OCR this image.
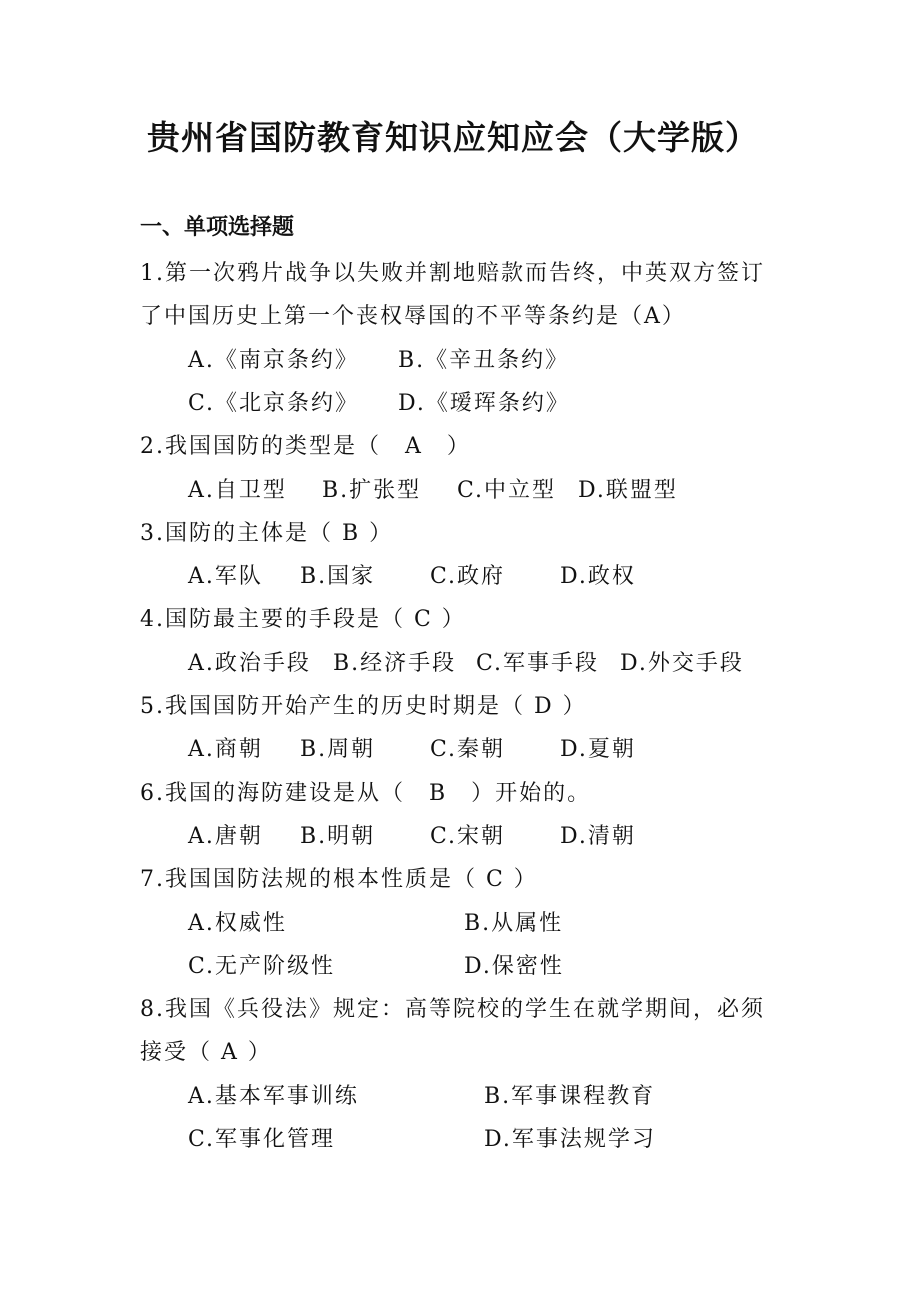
贵州省国防教育知识应知应会（大学版）
一、单项选择题
1.第一次鸦片战争以失败并割地赔款而告终，中英双方签订
了中国历史上第一个丧权辱国的不平等条约是（A）
A.《南京条约》 B.《辛丑条约》
C.《北京条约》 D.《瑷珲条约》
2.我国国防的类型是（　A　）
A.自卫型 B.扩张型 C.中立型 D.联盟型
3.国防的主体是（ B ）
A.军队 B.国家 C.政府 D.政权
4.国防最主要的手段是（ C ）
A.政治手段 B.经济手段 C.军事手段 D.外交手段
5.我国国防开始产生的历史时期是（ D ）
A.商朝 B.周朝 C.秦朝 D.夏朝
6.我国的海防建设是从（　B　）开始的。
A.唐朝 B.明朝 C.宋朝 D.清朝
7.我国国防法规的根本性质是（ C ）
A.权威性	B.从属性
C.无产阶级性	D.保密性
8.我国《兵役法》规定：高等院校的学生在就学期间，必须
接受（ A ）
A.基本军事训练	B.军事课程教育
C.军事化管理	D.军事法规学习
